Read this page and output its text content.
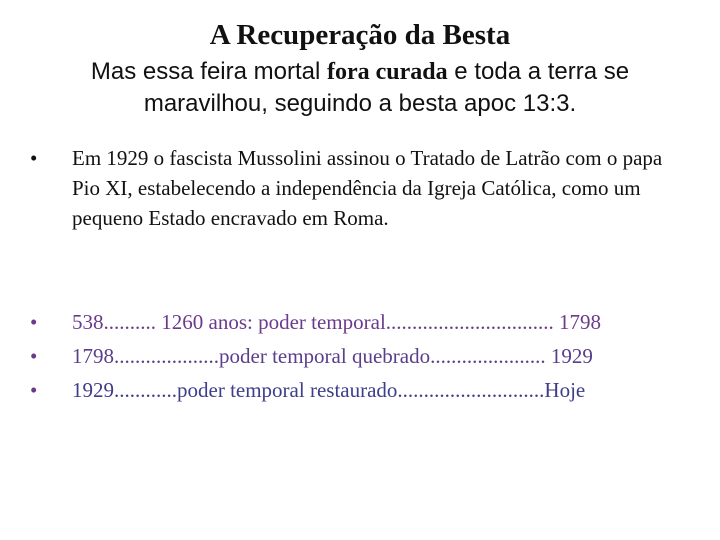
A Recuperação da Besta
Mas essa feira mortal fora curada e toda a terra se maravilhou, seguindo a besta apoc 13:3.
• Em 1929 o fascista Mussolini assinou o Tratado de Latrão com o papa Pio XI, estabelecendo a independência da Igreja Católica, como um pequeno Estado encravado em Roma.
• 538.......... 1260 anos: poder temporal................................ 1798
• 1798....................poder temporal quebrado...................... 1929
• 1929............poder temporal restaurado............................Hoje
